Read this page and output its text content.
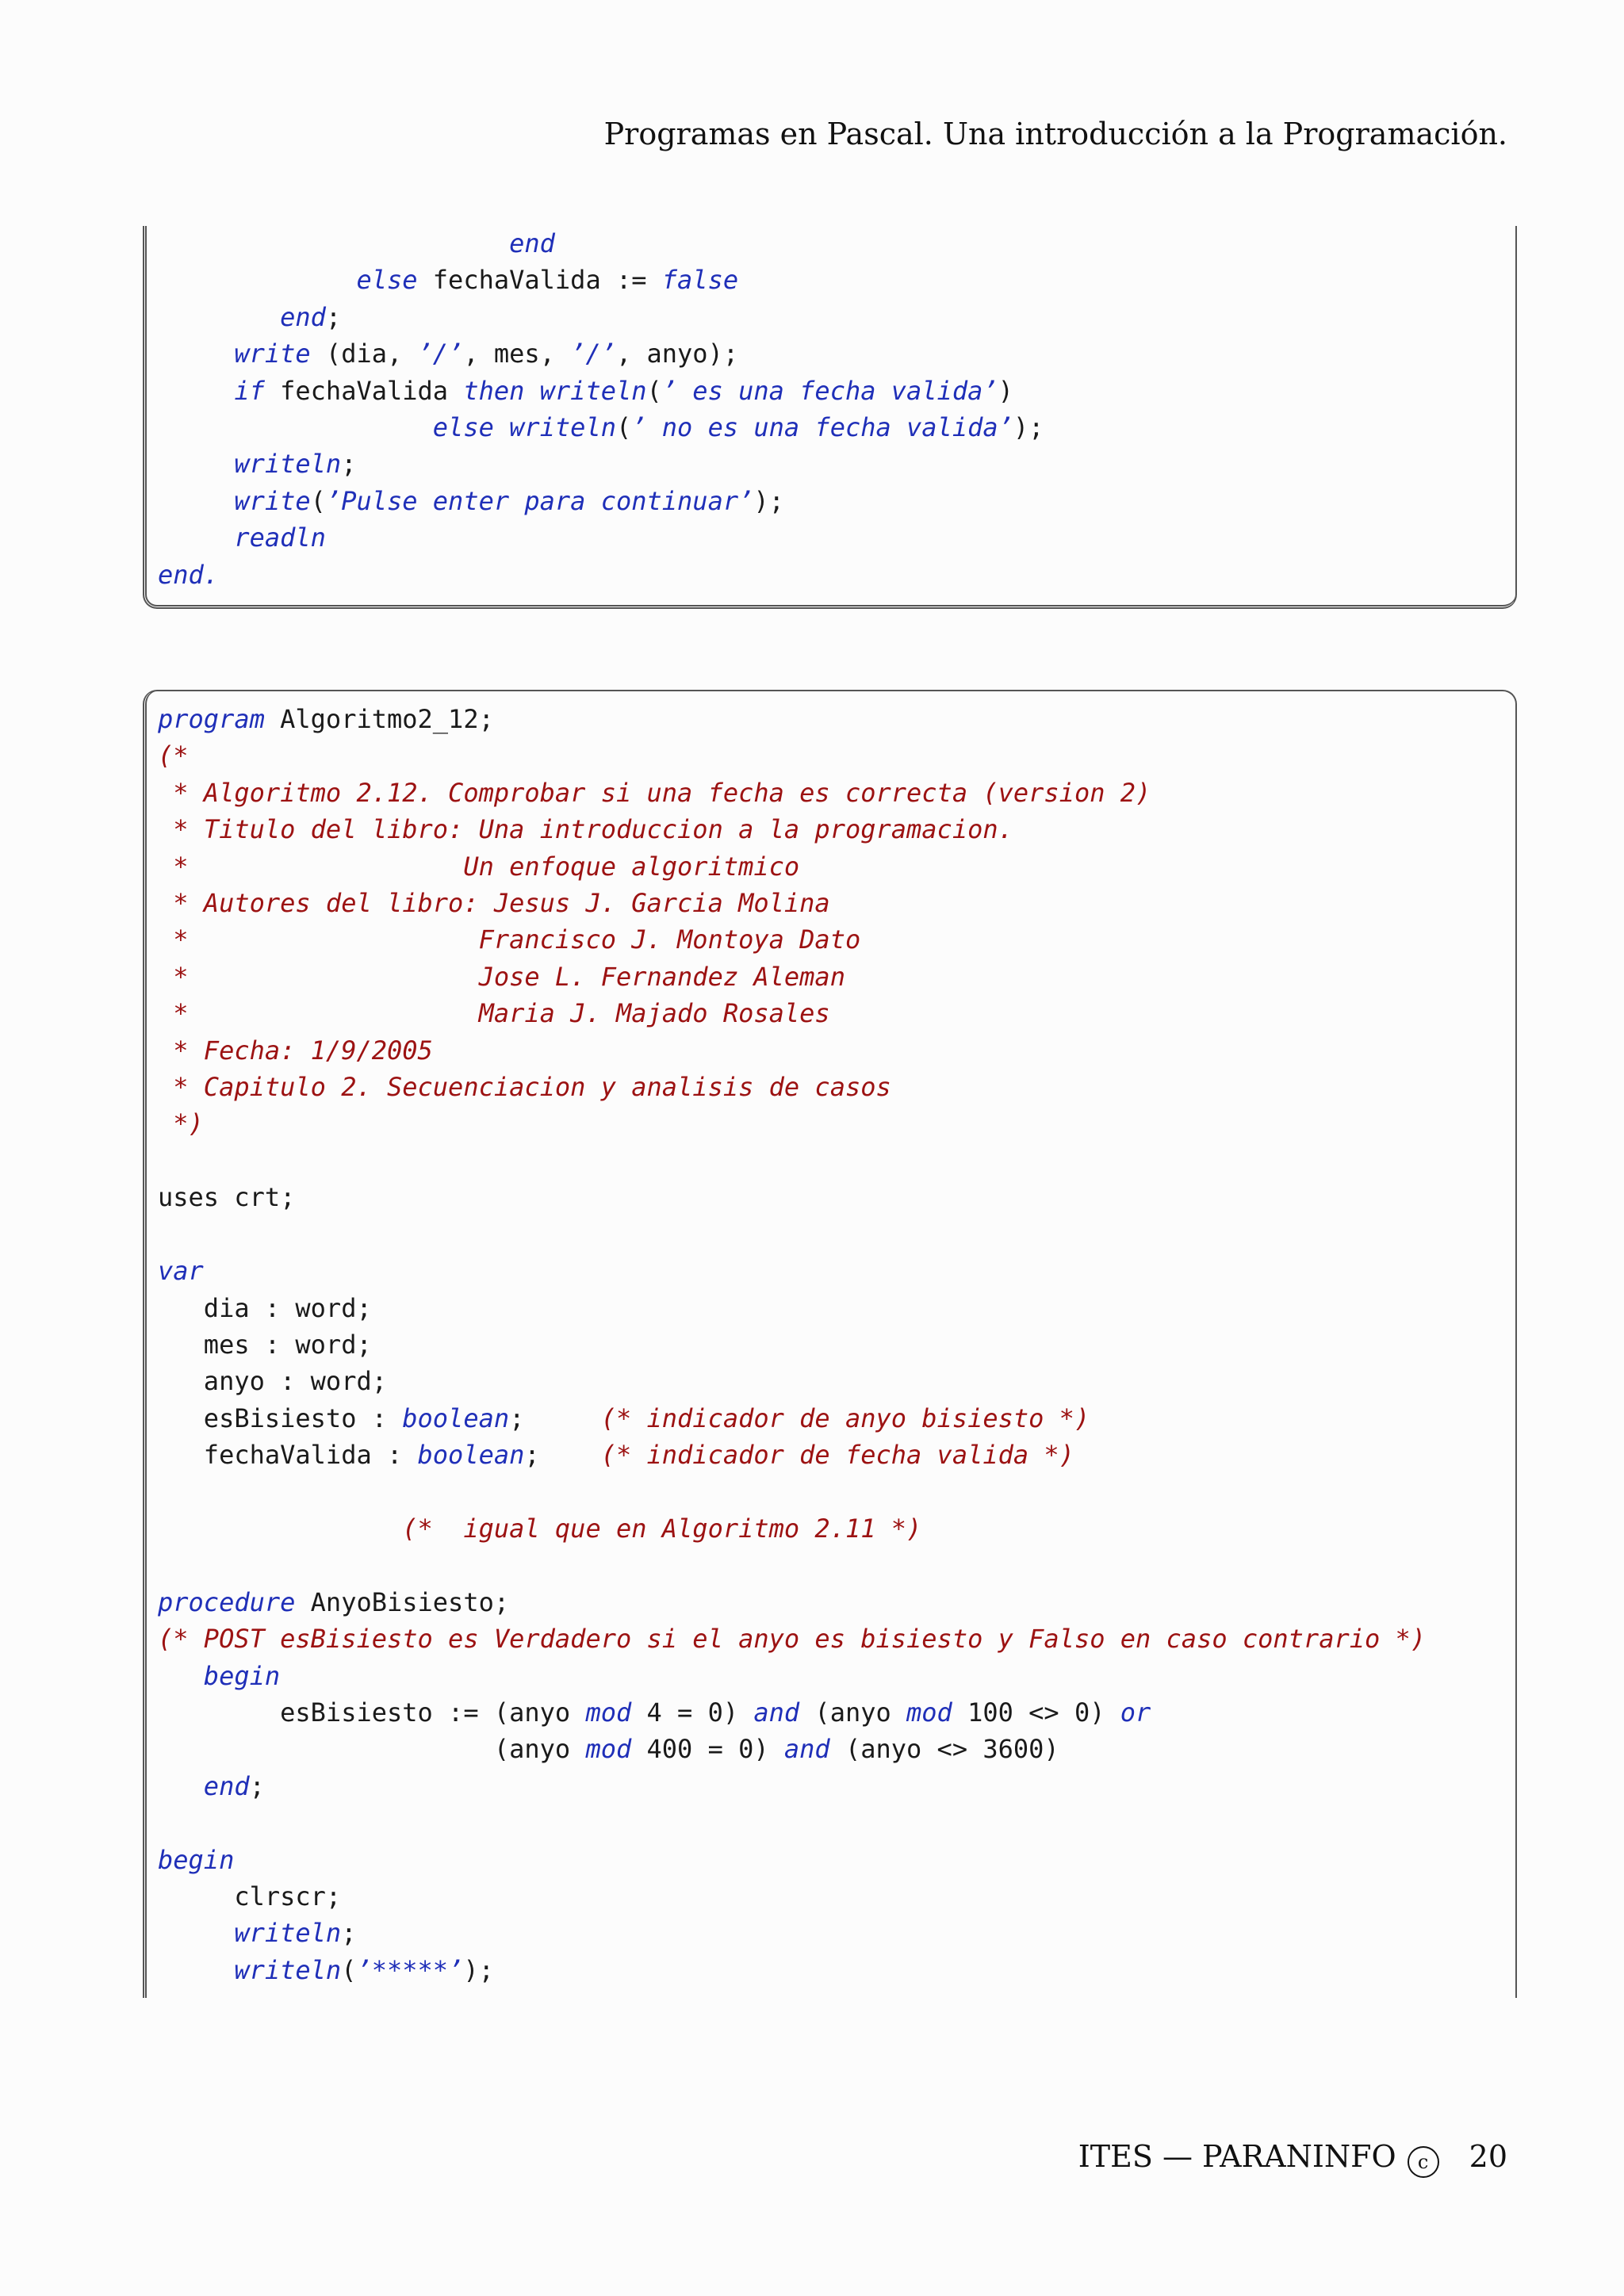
Programas en Pascal. Una introducción a la Programación.
end
else fechaValida := false
end;
write (dia, ’/’, mes, ’/’, anyo);
if fechaValida then writeln(’ es una fecha valida’)
else writeln(’ no es una fecha valida’);
writeln;
write(’Pulse enter para continuar’);
readln
end.

program Algoritmo2_12;
(*
* Algoritmo 2.12. Comprobar si una fecha es correcta (version 2)
* Titulo del libro: Una introduccion a la programacion.
*                  Un enfoque algoritmico
* Autores del libro: Jesus J. Garcia Molina
*                   Francisco J. Montoya Dato
*                   Jose L. Fernandez Aleman
*                   Maria J. Majado Rosales
* Fecha: 1/9/2005
* Capitulo 2. Secuenciacion y analisis de casos
*)

uses crt;

var
dia : word;
mes : word;
anyo : word;
esBisiesto : boolean;     (* indicador de anyo bisiesto *)
fechaValida : boolean;    (* indicador de fecha valida *)

(*  igual que en Algoritmo 2.11 *)

procedure AnyoBisiesto;
(* POST esBisiesto es Verdadero si el anyo es bisiesto y Falso en caso contrario *)
begin
esBisiesto := (anyo mod 4 = 0) and (anyo mod 100 <> 0) or
(anyo mod 400 = 0) and (anyo <> 3600)
end;

begin
clrscr;
writeln;
writeln(’*****’);

ITES — PARANINFO c 20
